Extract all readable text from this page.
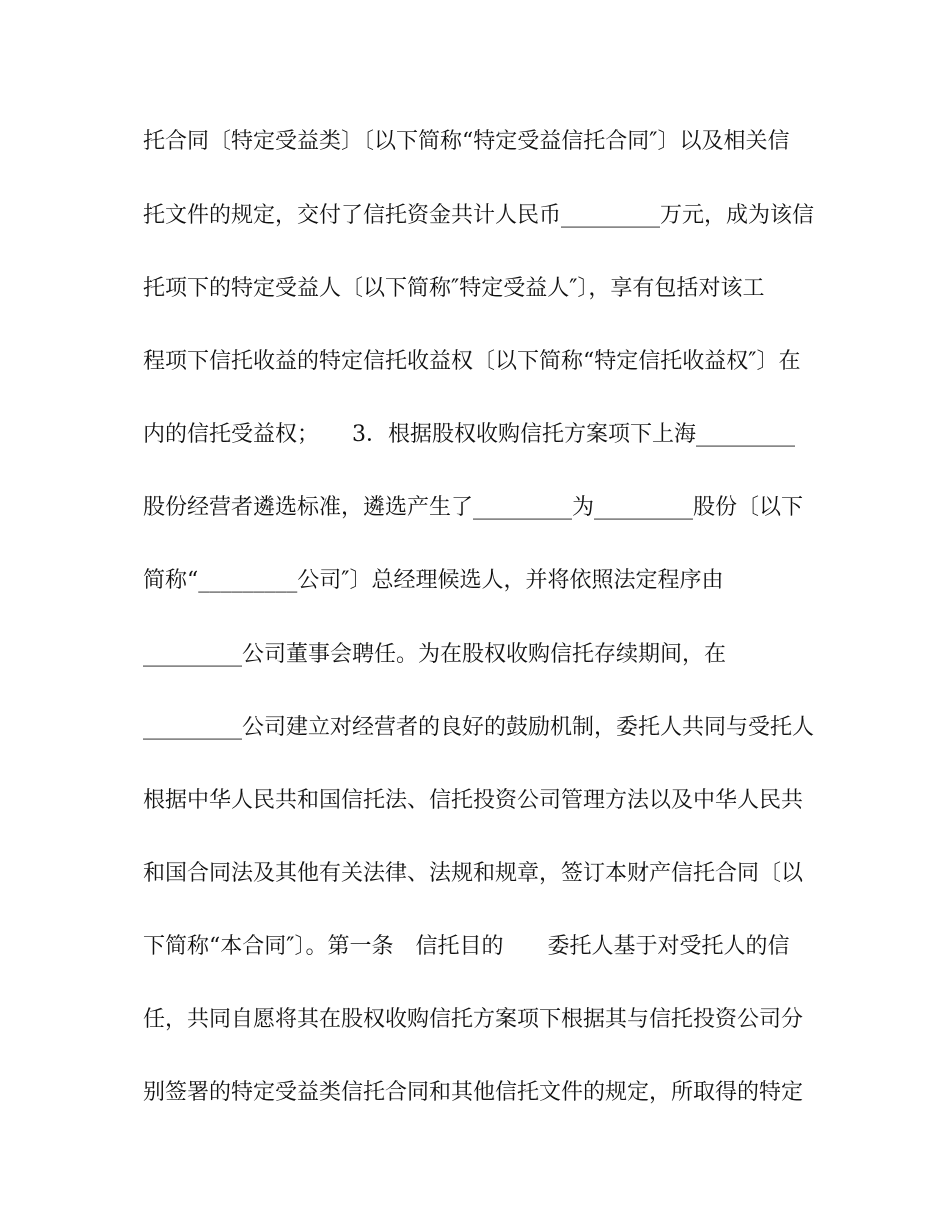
托合同〔特定受益类〕〔以下简称“特定受益信托合同″〕以及相关信
托文件的规定，交付了信托资金共计人民币_________万元，成为该信
托项下的特定受益人〔以下简称″特定受益人″〕，享有包括对该工
程项下信托收益的特定信托收益权〔以下简称“特定信托收益权″〕在
内的信托受益权；　　3．根据股权收购信托方案项下上海_________
股份经营者遴选标准，遴选产生了_________为_________股份〔以下
简称“_________公司″〕总经理候选人，并将依照法定程序由
_________公司董事会聘任。为在股权收购信托存续期间，在
_________公司建立对经营者的良好的鼓励机制，委托人共同与受托人
根据中华人民共和国信托法、信托投资公司管理方法以及中华人民共
和国合同法及其他有关法律、法规和规章，签订本财产信托合同〔以
下简称“本合同″〕。第一条　信托目的　　委托人基于对受托人的信
任，共同自愿将其在股权收购信托方案项下根据其与信托投资公司分
别签署的特定受益类信托合同和其他信托文件的规定，所取得的特定
